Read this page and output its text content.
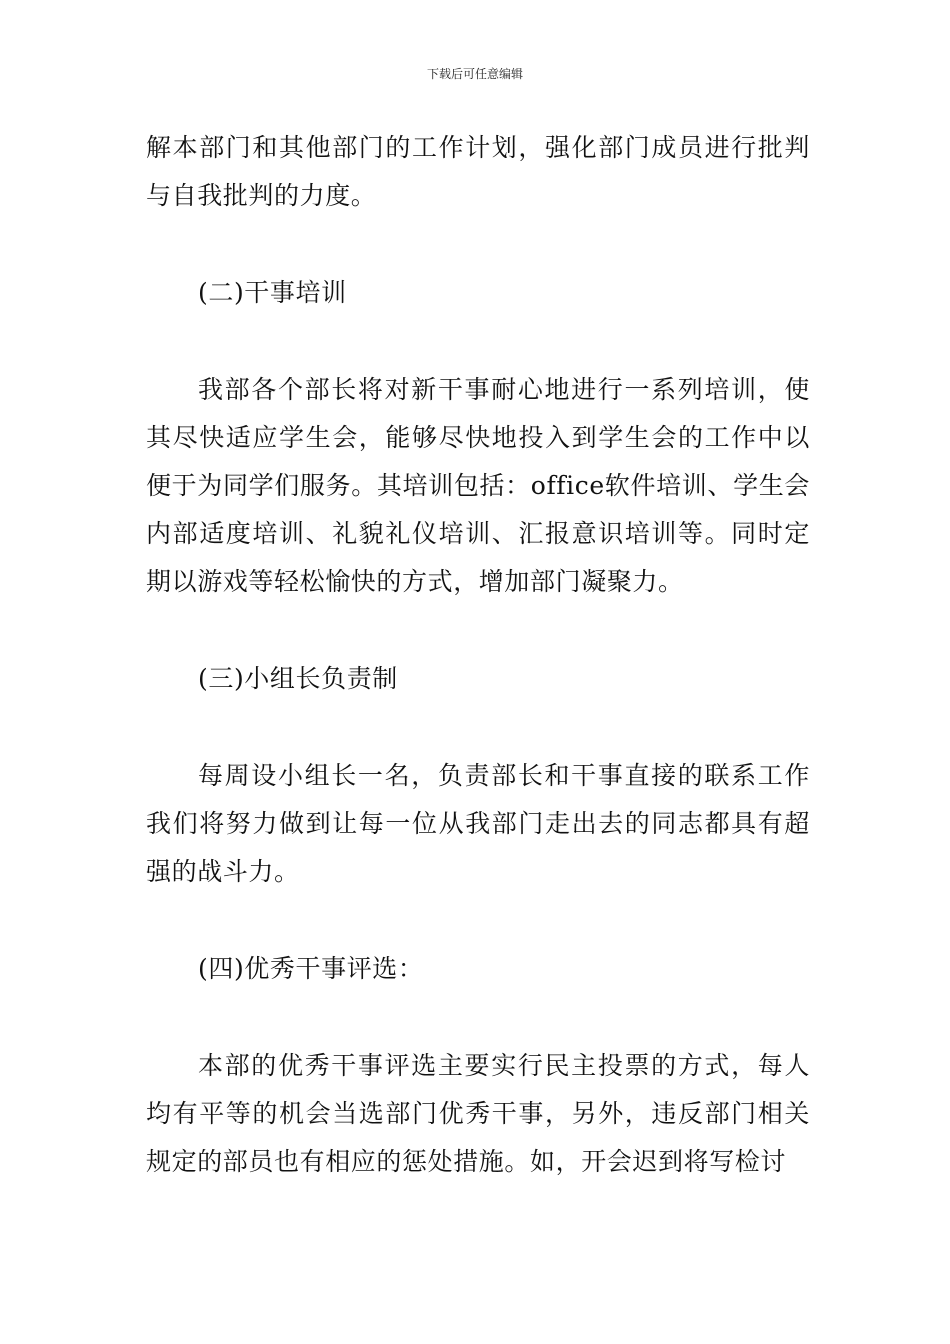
下载后可任意编辑

解本部门和其他部门的工作计划，强化部门成员进行批判与自我批判的力度。

(二)干事培训

我部各个部长将对新干事耐心地进行一系列培训，使其尽快适应学生会，能够尽快地投入到学生会的工作中以便于为同学们服务。其培训包括：office软件培训、学生会内部适度培训、礼貌礼仪培训、汇报意识培训等。同时定期以游戏等轻松愉快的方式，增加部门凝聚力。

(三)小组长负责制

每周设小组长一名，负责部长和干事直接的联系工作我们将努力做到让每一位从我部门走出去的同志都具有超强的战斗力。

(四)优秀干事评选：

本部的优秀干事评选主要实行民主投票的方式，每人均有平等的机会当选部门优秀干事，另外，违反部门相关规定的部员也有相应的惩处措施。如，开会迟到将写检讨
